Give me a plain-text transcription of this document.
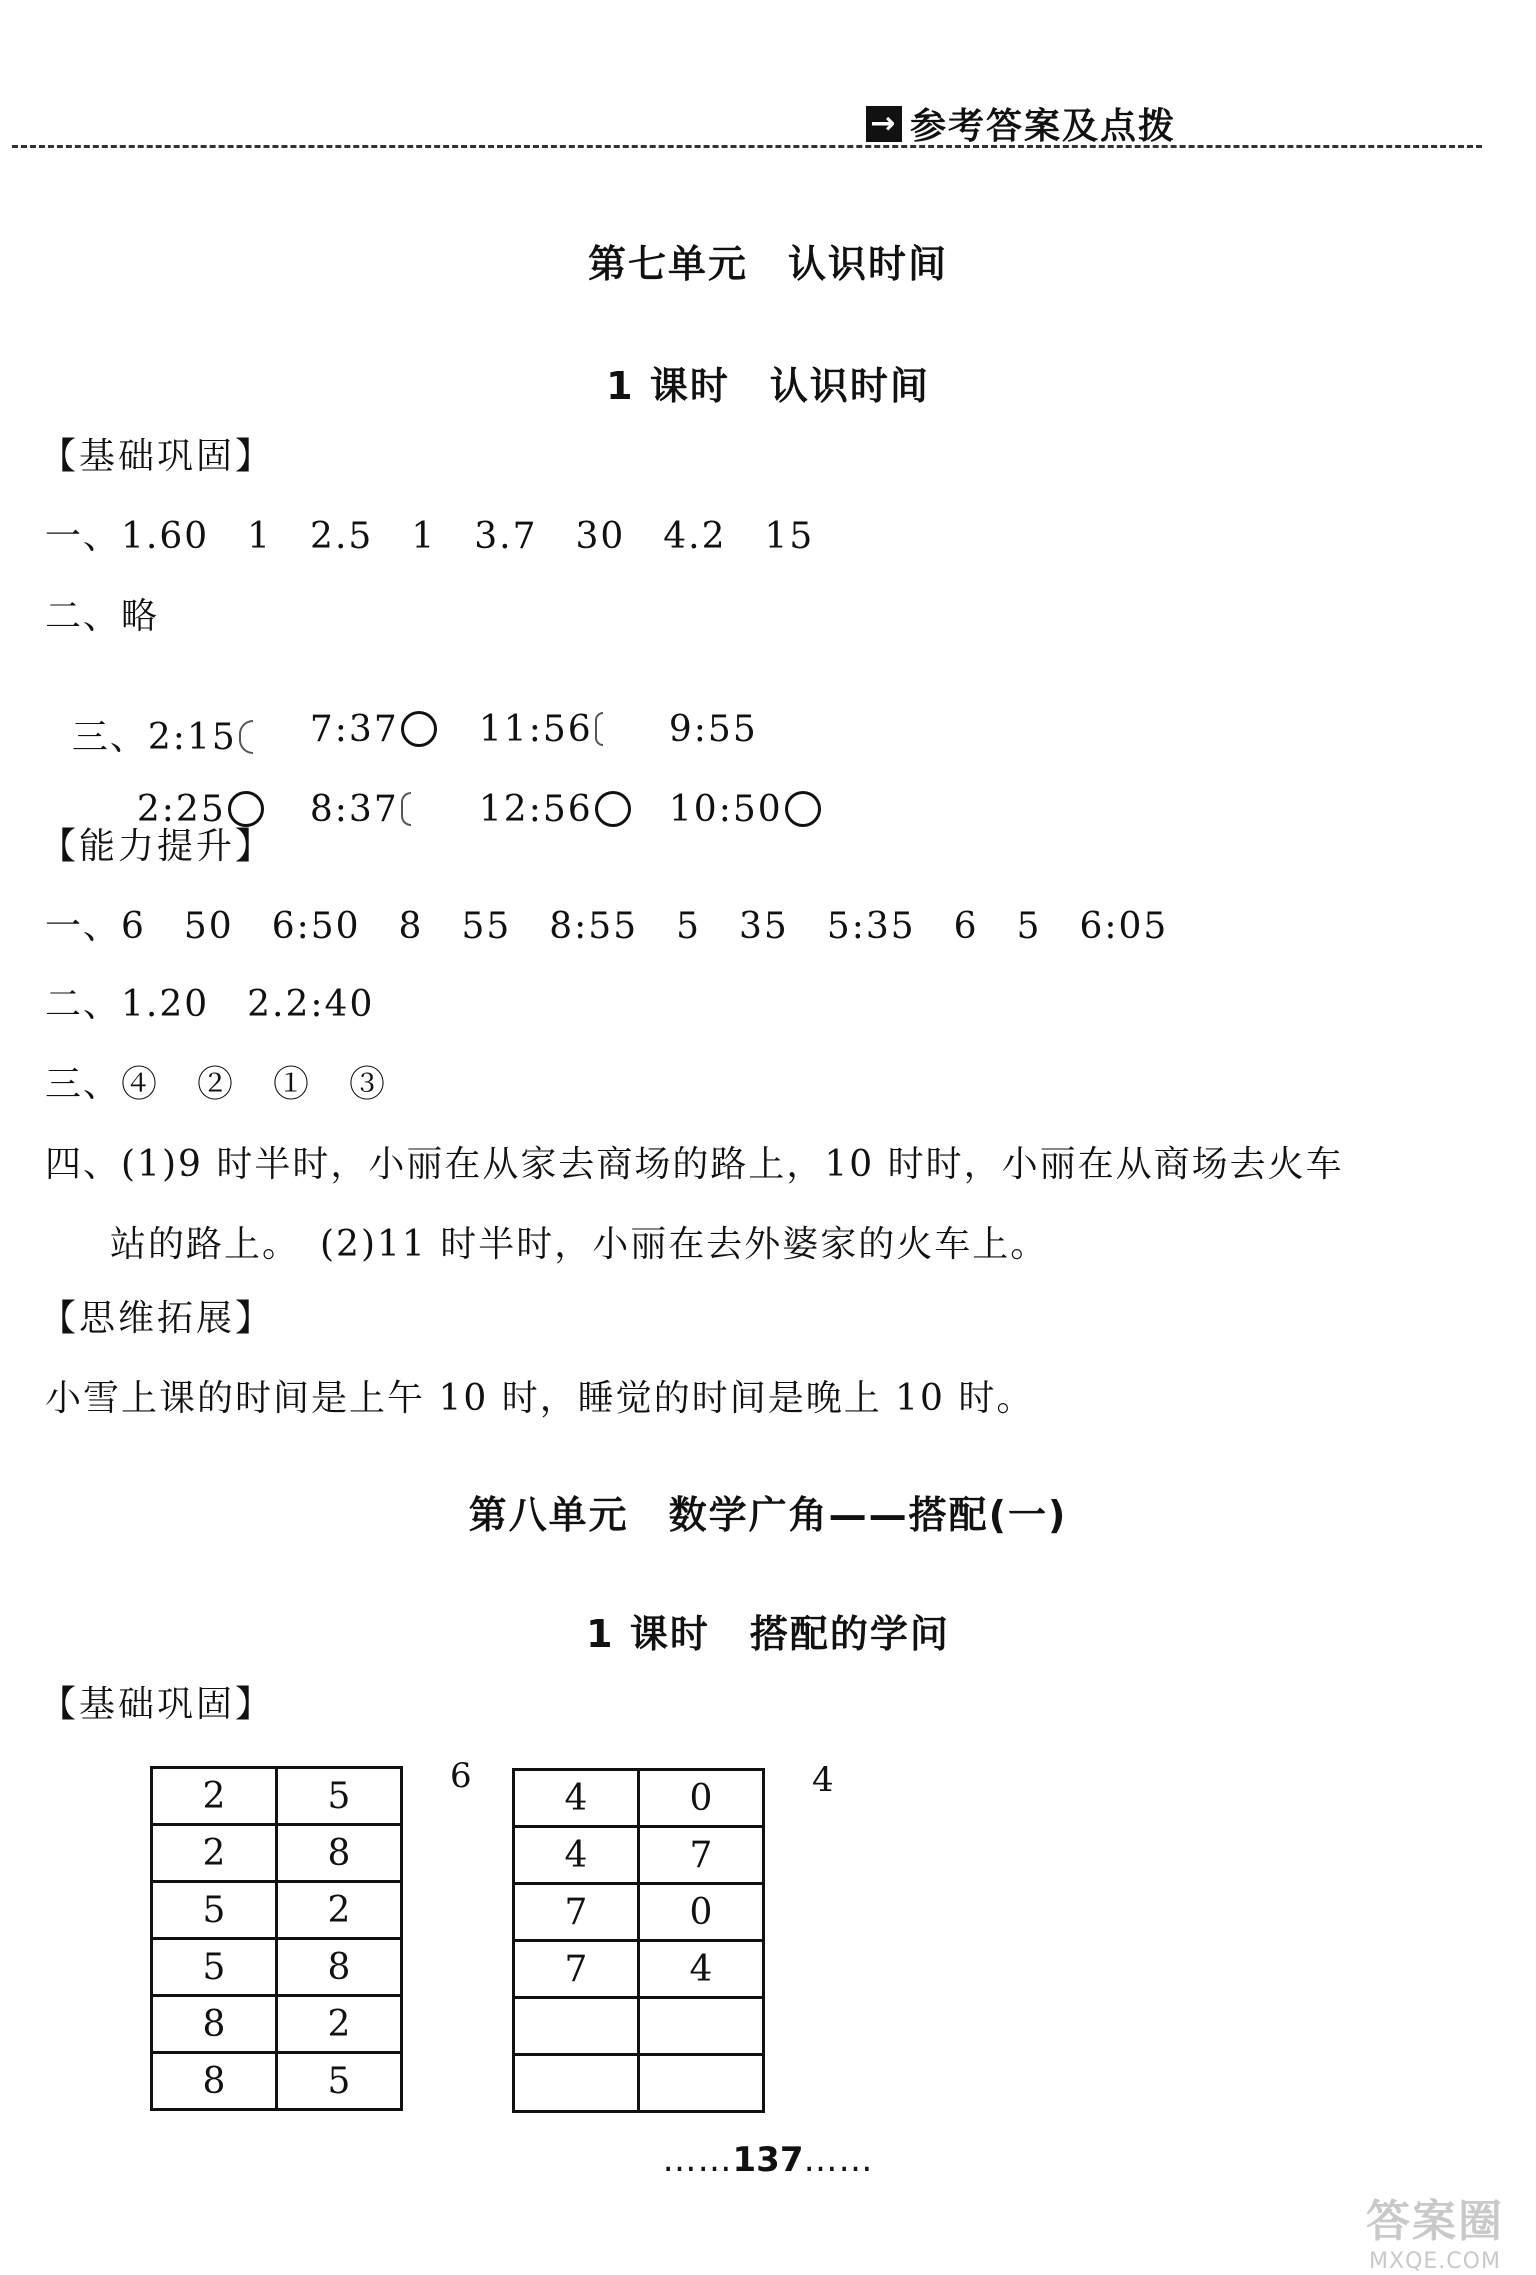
→ 参考答案及点拨
第七单元　认识时间
1 课时　认识时间
【基础巩固】
一、1.60　1　2.5　1　3.7　30　4.2　15
二、略

三、2:15	7:37	11:56	9:55

2:25	8:37	12:56	10:50

【能力提升】
一、6　50　6:50　8　55　8:55　5　35　5:35　6　5　6:05
二、1.20　2.2:40
三、④　②　①　③
四、(1)9 时半时，小丽在从家去商场的路上，10 时时，小丽在从商场去火车
站的路上。　(2)11 时半时，小丽在去外婆家的火车上。
【思维拓展】
小雪上课的时间是上午 10 时，睡觉的时间是晚上 10 时。
第八单元　数学广角——搭配(一)
1 课时　搭配的学问
【基础巩固】
2	5
2	8
5	2
5	8
8	2
8	5
6
4	0
4	7
7	0
7	4

4
……137……
答案圈
MXQE.COM
